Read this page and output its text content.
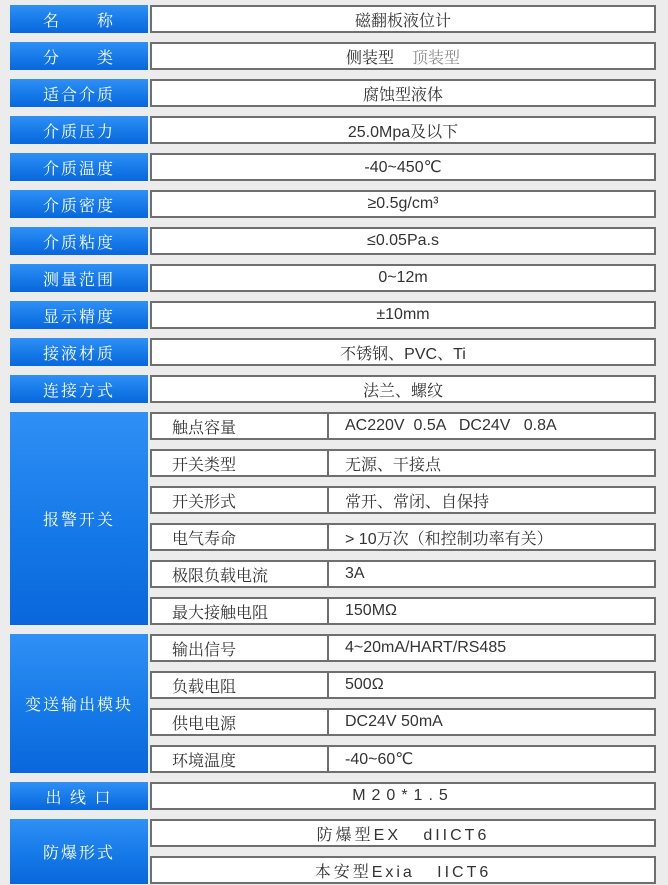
名　　称	磁翻板液位计
分　　类	侧装型 顶装型
适合介质	腐蚀型液体
介质压力	25.0Mpa及以下
介质温度	-40~450℃
介质密度	≥0.5g/cm³
介质粘度	≤0.05Pa.s
测量范围	0~12m
显示精度	±10mm
接液材质	不锈钢、PVC、Ti
连接方式	法兰、螺纹
报警开关
触点容量	AC220V  0.5A   DC24V   0.8A
开关类型	无源、干接点
开关形式	常开、常闭、自保持
电气寿命	> 10万次（和控制功率有关）
极限负载电流	3A
最大接触电阻	150MΩ
变送输出模块
输出信号	4~20mA/HART/RS485
负载电阻	500Ω
供电电源	DC24V 50mA
环境温度	-40~60℃
出 线 口	M20*1.5
防爆形式
防爆型EX   dIICT6
本安型Exia   IICT6
